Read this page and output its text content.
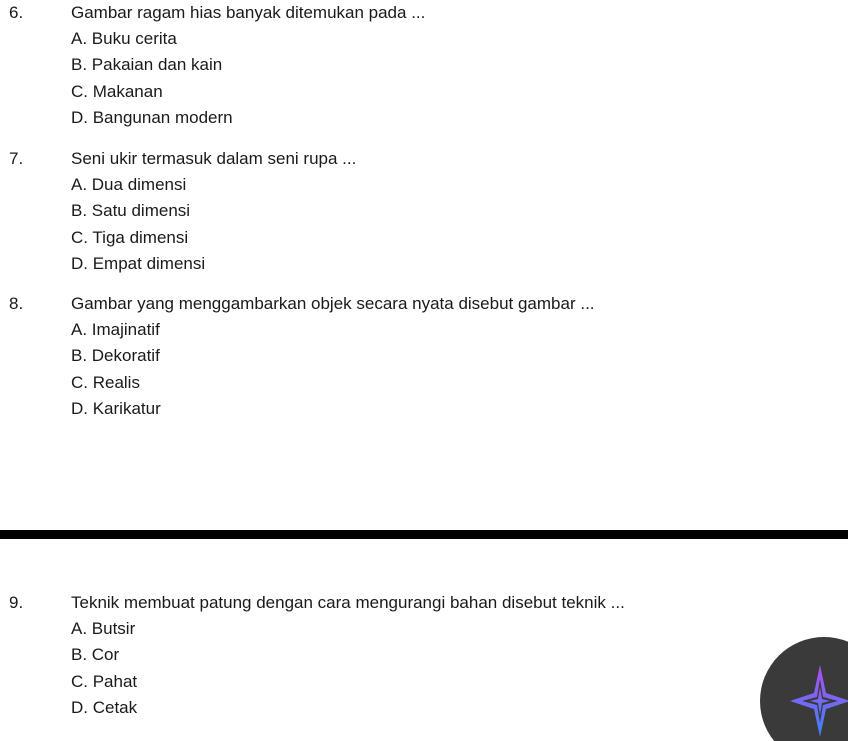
6.	Gambar ragam hias banyak ditemukan pada ...
A. Buku cerita
B. Pakaian dan kain
C. Makanan
D. Bangunan modern
7.	Seni ukir termasuk dalam seni rupa ...
A. Dua dimensi
B. Satu dimensi
C. Tiga dimensi
D. Empat dimensi
8.	Gambar yang menggambarkan objek secara nyata disebut gambar ...
A. Imajinatif
B. Dekoratif
C. Realis
D. Karikatur
9.	Teknik membuat patung dengan cara mengurangi bahan disebut teknik ...
A. Butsir
B. Cor
C. Pahat
D. Cetak
